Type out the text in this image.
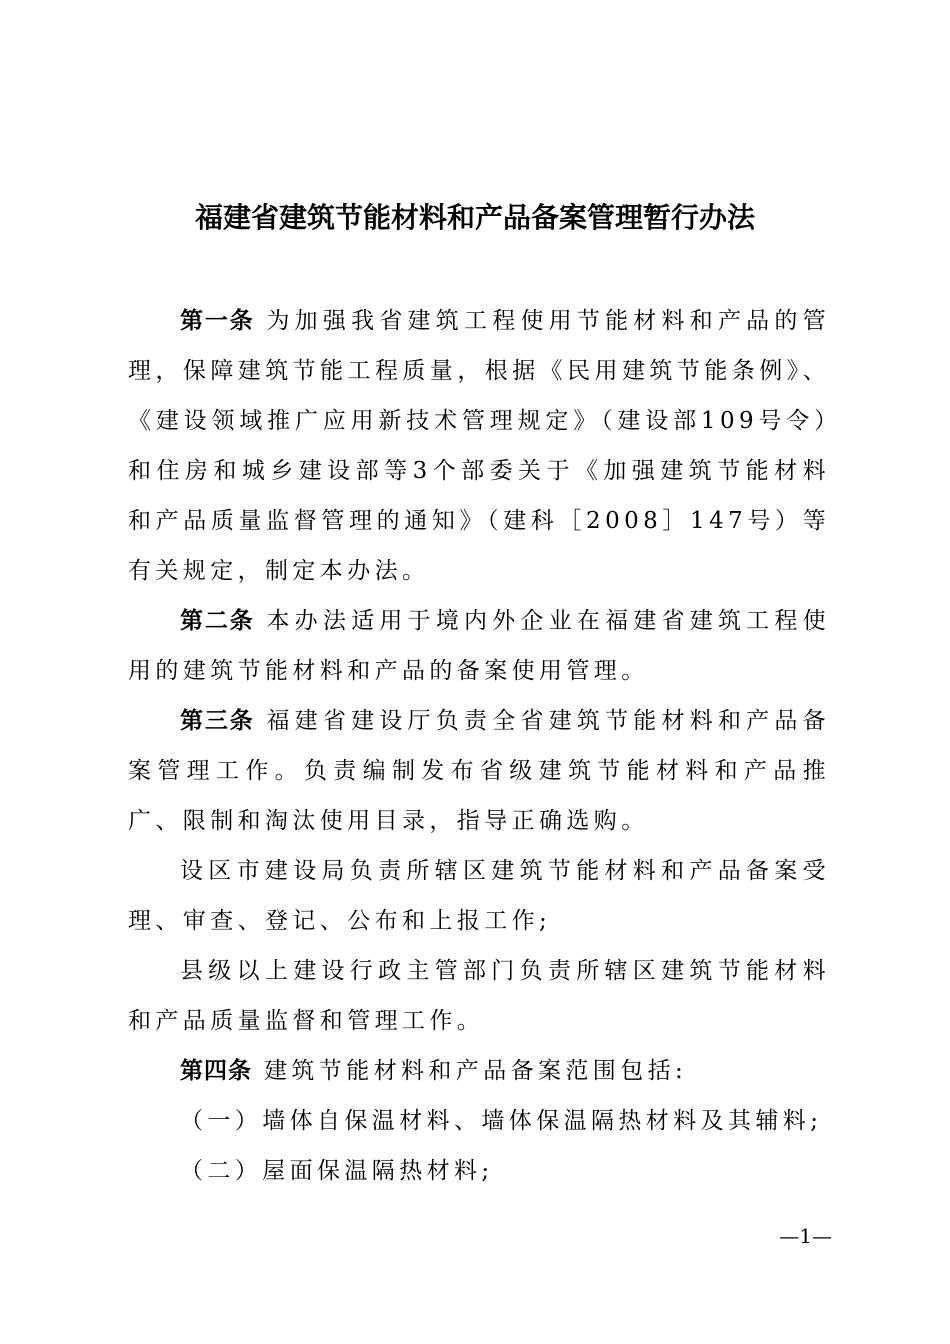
福建省建筑节能材料和产品备案管理暂行办法

第一条 为加强我省建筑工程使用节能材料和产品的管理，保障建筑节能工程质量，根据《民用建筑节能条例》、《建设领域推广应用新技术管理规定》（建设部109号令）和住房和城乡建设部等3个部委关于《加强建筑节能材料和产品质量监督管理的通知》（建科［2008］147号）等有关规定，制定本办法。

第二条 本办法适用于境内外企业在福建省建筑工程使用的建筑节能材料和产品的备案使用管理。

第三条 福建省建设厅负责全省建筑节能材料和产品备案管理工作。负责编制发布省级建筑节能材料和产品推广、限制和淘汰使用目录，指导正确选购。

设区市建设局负责所辖区建筑节能材料和产品备案受理、审查、登记、公布和上报工作;

县级以上建设行政主管部门负责所辖区建筑节能材料和产品质量监督和管理工作。

第四条 建筑节能材料和产品备案范围包括:

（一）墙体自保温材料、墙体保温隔热材料及其辅料;

（二）屋面保温隔热材料;

—1—
